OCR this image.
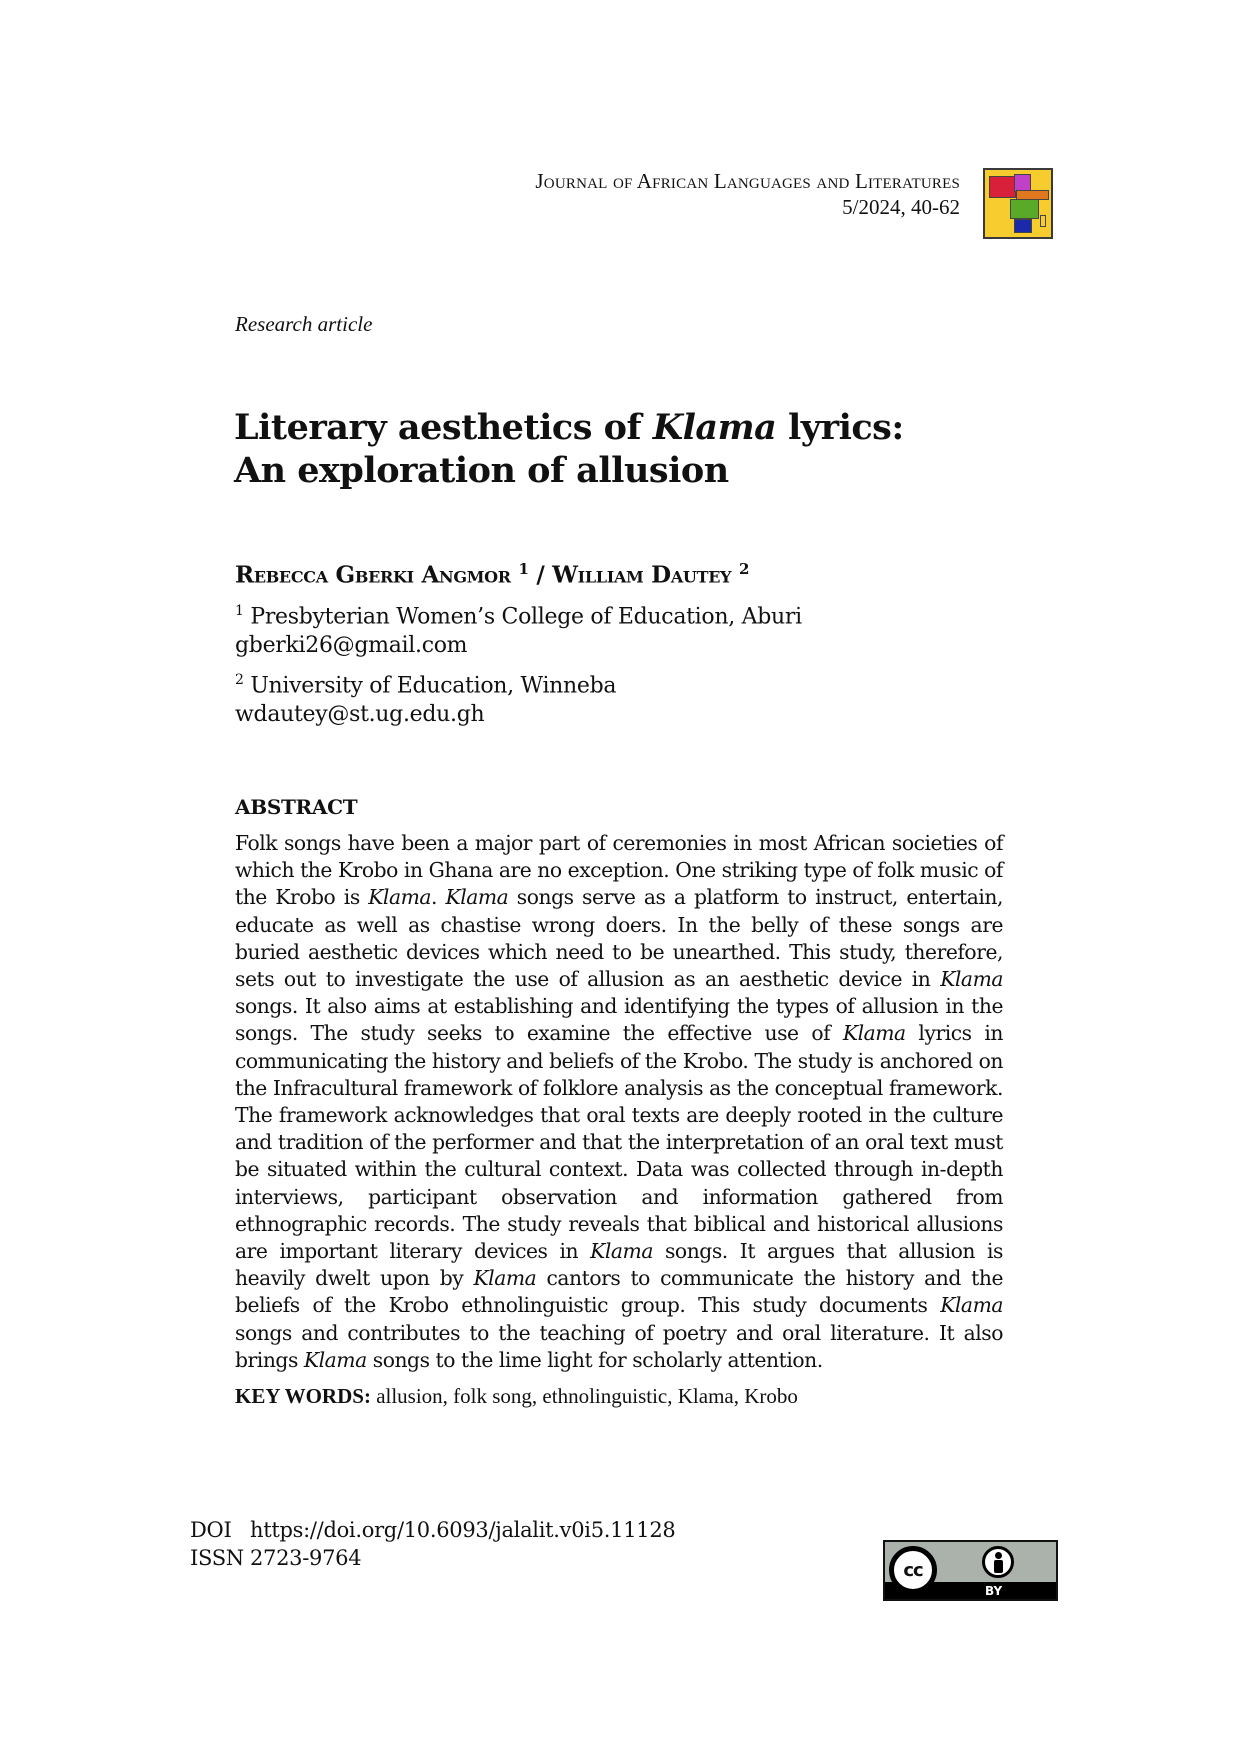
Journal of African Languages and Literatures
5/2024, 40-62
Research article
Literary aesthetics of Klama lyrics:
An exploration of allusion
Rebecca Gberki Angmor $^1$ / William Dautey $^2$
$^1$ Presbyterian Women’s College of Education, Aburi
gberki26@gmail.com
$^2$ University of Education, Winneba
wdautey@st.ug.edu.gh
ABSTRACT

Folk songs have been a major part of ceremonies in most African societies of which the Krobo in Ghana are no exception. One striking type of folk music of the Krobo is Klama. Klama songs serve as a platform to instruct, entertain, educate as well as chastise wrong doers. In the belly of these songs are buried aesthetic devices which need to be unearthed. This study, therefore, sets out to investigate the use of allusion as an aesthetic device in Klama songs. It also aims at establishing and identifying the types of allusion in the songs. The study seeks to examine the effective use of Klama lyrics in communicating the history and beliefs of the Krobo. The study is anchored on the Infracultural framework of folklore analysis as the conceptual framework. The framework acknowledges that oral texts are deeply rooted in the culture and tradition of the performer and that the interpretation of an oral text must be situated within the cultural context. Data was collected through in-depth interviews, participant observation and information gathered from ethnographic records. The study reveals that biblical and historical allusions are important literary devices in Klama songs. It argues that allusion is heavily dwelt upon by Klama cantors to communicate the history and the beliefs of the Krobo ethnolinguistic group. This study documents Klama songs and contributes to the teaching of poetry and oral literature. It also brings Klama songs to the lime light for scholarly attention.

KEY WORDS: allusion, folk song, ethnolinguistic, Klama, Krobo
DOI https://doi.org/10.6093/jalalit.v0i5.11128
ISSN 2723-9764	cc
BY
